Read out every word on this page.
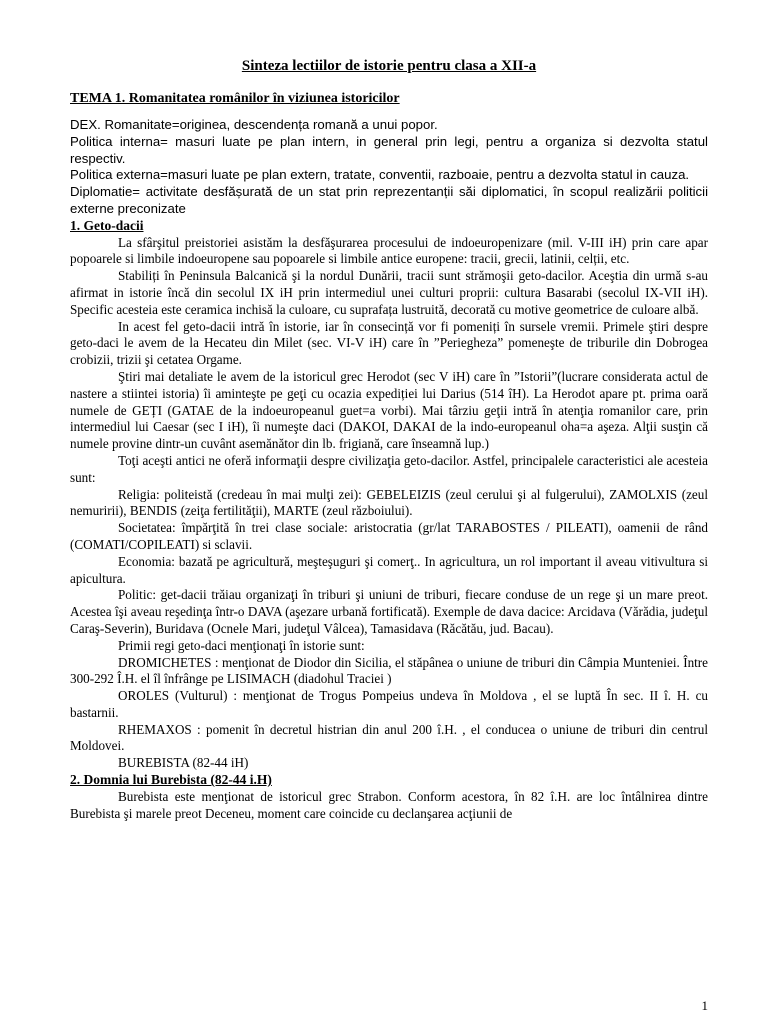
Sinteza lectiilor de istorie pentru clasa a XII-a
TEMA 1. Romanitatea românilor în viziunea istoricilor

DEX. Romanitate=originea, descendența romană a unui popor.

Politica interna= masuri luate pe plan intern, in general prin legi, pentru a organiza si dezvolta statul respectiv.

Politica externa=masuri luate pe plan extern, tratate, conventii, razboaie, pentru a dezvolta statul in cauza.

Diplomatie= activitate desfășurată de un stat prin reprezentanții săi diplomatici, în scopul realizării politicii externe preconizate

1. Geto-dacii

La sfârşitul preistoriei asistăm la desfăşurarea procesului de indoeuropenizare (mil. V-III iH) prin care apar popoarele si limbile indoeuropene sau popoarele si limbile antice europene: tracii, grecii, latinii, celții, etc.

Stabiliți în Peninsula Balcanică şi la nordul Dunării, tracii sunt strămoşii geto-dacilor. Aceştia din urmă s-au afirmat in istorie încă din secolul IX iH prin intermediul unei culturi proprii: cultura Basarabi (secolul IX-VII iH). Specific acesteia este ceramica inchisă la culoare, cu suprafața lustruită, decorată cu motive geometrice de culoare albă.

In acest fel geto-dacii intră în istorie, iar în consecință vor fi pomeniți în sursele vremii. Primele ştiri despre geto-daci le avem de la Hecateu din Milet (sec. VI-V iH) care în ”Periegheza” pomeneşte de triburile din Dobrogea crobizii, trizii şi cetatea Orgame.

Ştiri mai detaliate le avem de la istoricul grec Herodot (sec V iH) care în ”Istorii”(lucrare considerata actul de nastere a stiintei istoria) îi aminteşte pe geţi cu ocazia expediției lui Darius (514 îH). La Herodot apare pt. prima oară numele de GEȚI (GATAE de la indoeuropeanul guet=a vorbi). Mai târziu geţii intră în atenţia romanilor care, prin intermediul lui Caesar (sec I iH), îi numeşte daci (DAKOI, DAKAI de la indo-europeanul oha=a aşeza. Alţii susţin că numele provine dintr-un cuvânt asemănător din lb. frigiană, care înseamnă lup.)

Toţi aceşti antici ne oferă informaţii despre civilizaţia geto-dacilor. Astfel, principalele caracteristici ale acesteia sunt:

Religia: politeistă (credeau în mai mulţi zei): GEBELEIZIS (zeul cerului şi al fulgerului), ZAMOLXIS (zeul nemuririi), BENDIS (zeiţa fertilităţii), MARTE (zeul războiului).

Societatea: împărţită în trei clase sociale: aristocratia (gr/lat TARABOSTES / PILEATI), oamenii de rând (COMATI/COPILEATI) si sclavii.

Economia: bazată pe agricultură, meşteşuguri şi comerţ.. In agricultura, un rol important il aveau vitivultura si apicultura.

Politic: get-dacii trăiau organizaţi în triburi şi uniuni de triburi, fiecare conduse de un rege şi un mare preot. Acestea îşi aveau reşedinţa într-o DAVA (aşezare urbană fortificată). Exemple de dava dacice: Arcidava (Vărădia, judeţul Caraş-Severin), Buridava (Ocnele Mari, judeţul Vâlcea), Tamasidava (Răcătău, jud. Bacau).

Primii regi geto-daci menţionaţi în istorie sunt:

DROMICHETES : menţionat de Diodor din Sicilia, el stăpânea o uniune de triburi din Câmpia Munteniei. Între 300-292 Î.H. el îl înfrânge pe LISIMACH (diadohul Traciei )

OROLES (Vulturul) : menţionat de Trogus Pompeius undeva în Moldova , el se luptă În sec. II î. H. cu bastarnii.

RHEMAXOS : pomenit în decretul histrian din anul 200 î.H. , el conducea o uniune de triburi din centrul Moldovei.

BUREBISTA (82-44 iH)

2. Domnia lui Burebista (82-44 i.H)

Burebista este menţionat de istoricul grec Strabon. Conform acestora, în 82 î.H. are loc întâlnirea dintre Burebista şi marele preot Deceneu, moment care coincide cu declanşarea acţiunii de

1
